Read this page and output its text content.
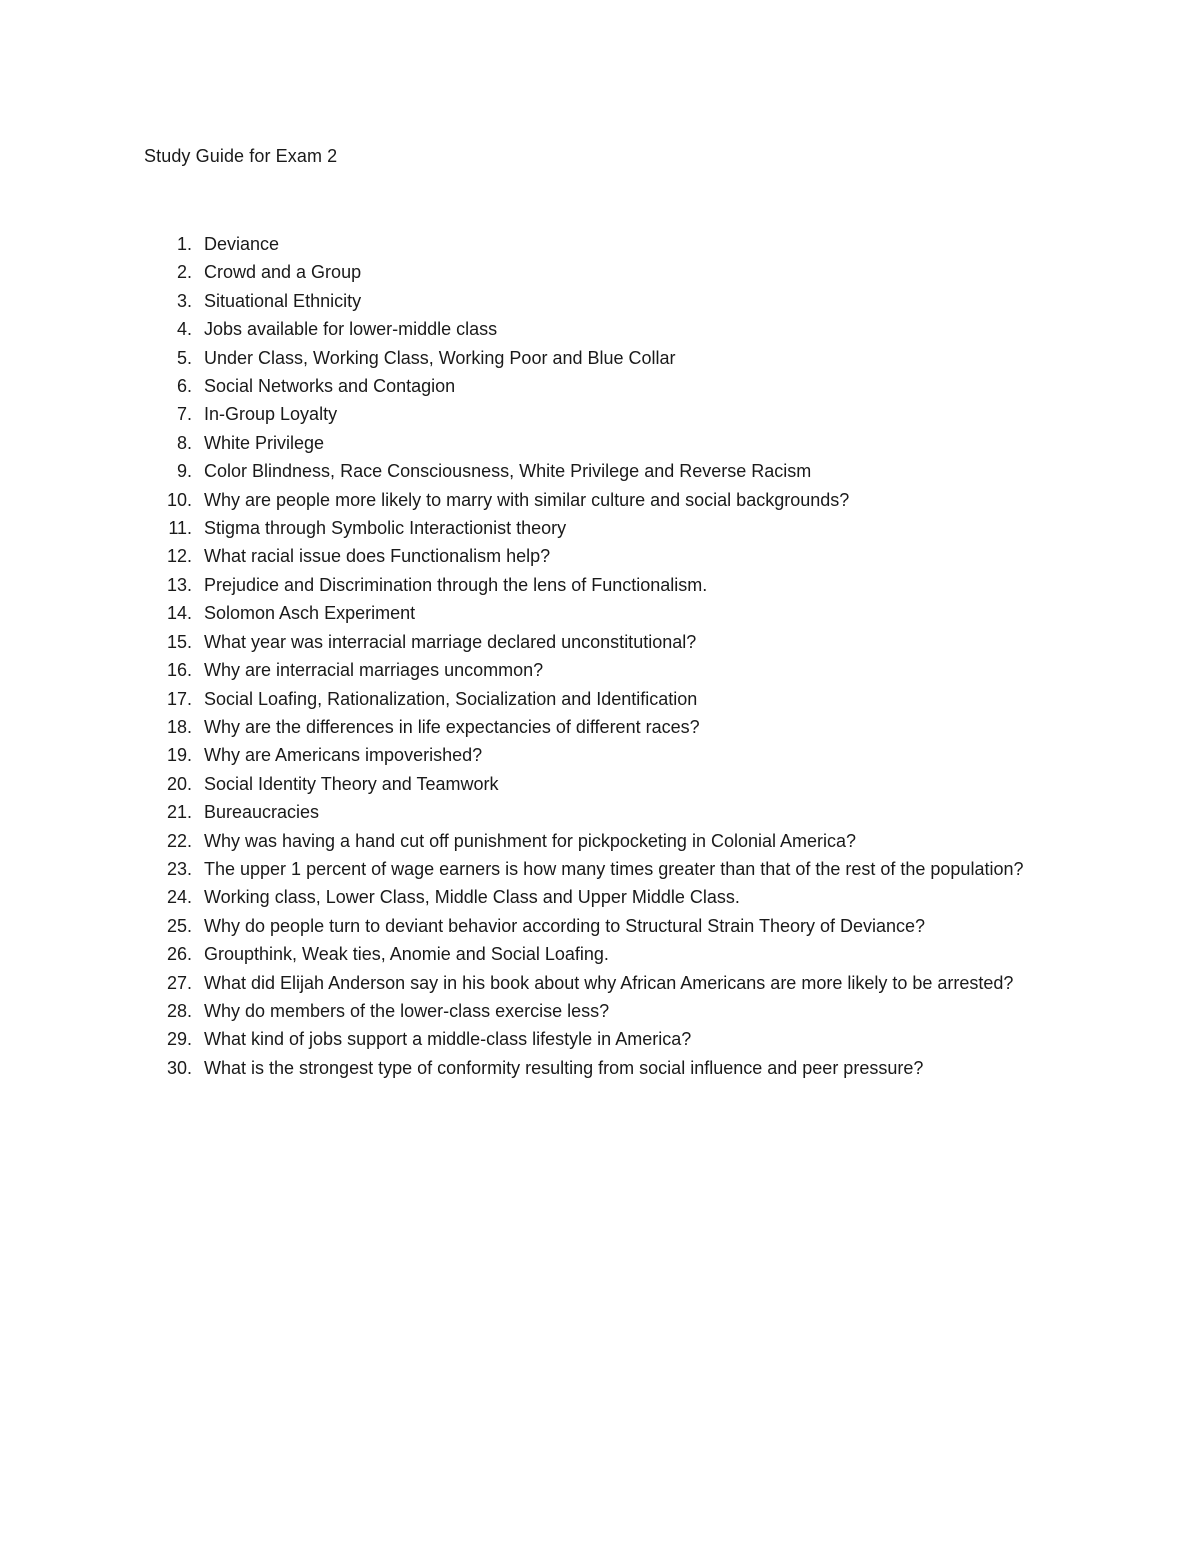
Study Guide for Exam 2
1. Deviance
2. Crowd and a Group
3. Situational Ethnicity
4. Jobs available for lower-middle class
5. Under Class, Working Class, Working Poor and Blue Collar
6. Social Networks and Contagion
7. In-Group Loyalty
8. White Privilege
9. Color Blindness, Race Consciousness, White Privilege and Reverse Racism
10. Why are people more likely to marry with similar culture and social backgrounds?
11. Stigma through Symbolic Interactionist theory
12. What racial issue does Functionalism help?
13. Prejudice and Discrimination through the lens of Functionalism.
14. Solomon Asch Experiment
15. What year was interracial marriage declared unconstitutional?
16. Why are interracial marriages uncommon?
17. Social Loafing, Rationalization, Socialization and Identification
18. Why are the differences in life expectancies of different races?
19. Why are Americans impoverished?
20. Social Identity Theory and Teamwork
21. Bureaucracies
22. Why was having a hand cut off punishment for pickpocketing in Colonial America?
23. The upper 1 percent of wage earners is how many times greater than that of the rest of the population?
24. Working class, Lower Class, Middle Class and Upper Middle Class.
25. Why do people turn to deviant behavior according to Structural Strain Theory of Deviance?
26. Groupthink, Weak ties, Anomie and Social Loafing.
27. What did Elijah Anderson say in his book about why African Americans are more likely to be arrested?
28. Why do members of the lower-class exercise less?
29. What kind of jobs support a middle-class lifestyle in America?
30. What is the strongest type of conformity resulting from social influence and peer pressure?
